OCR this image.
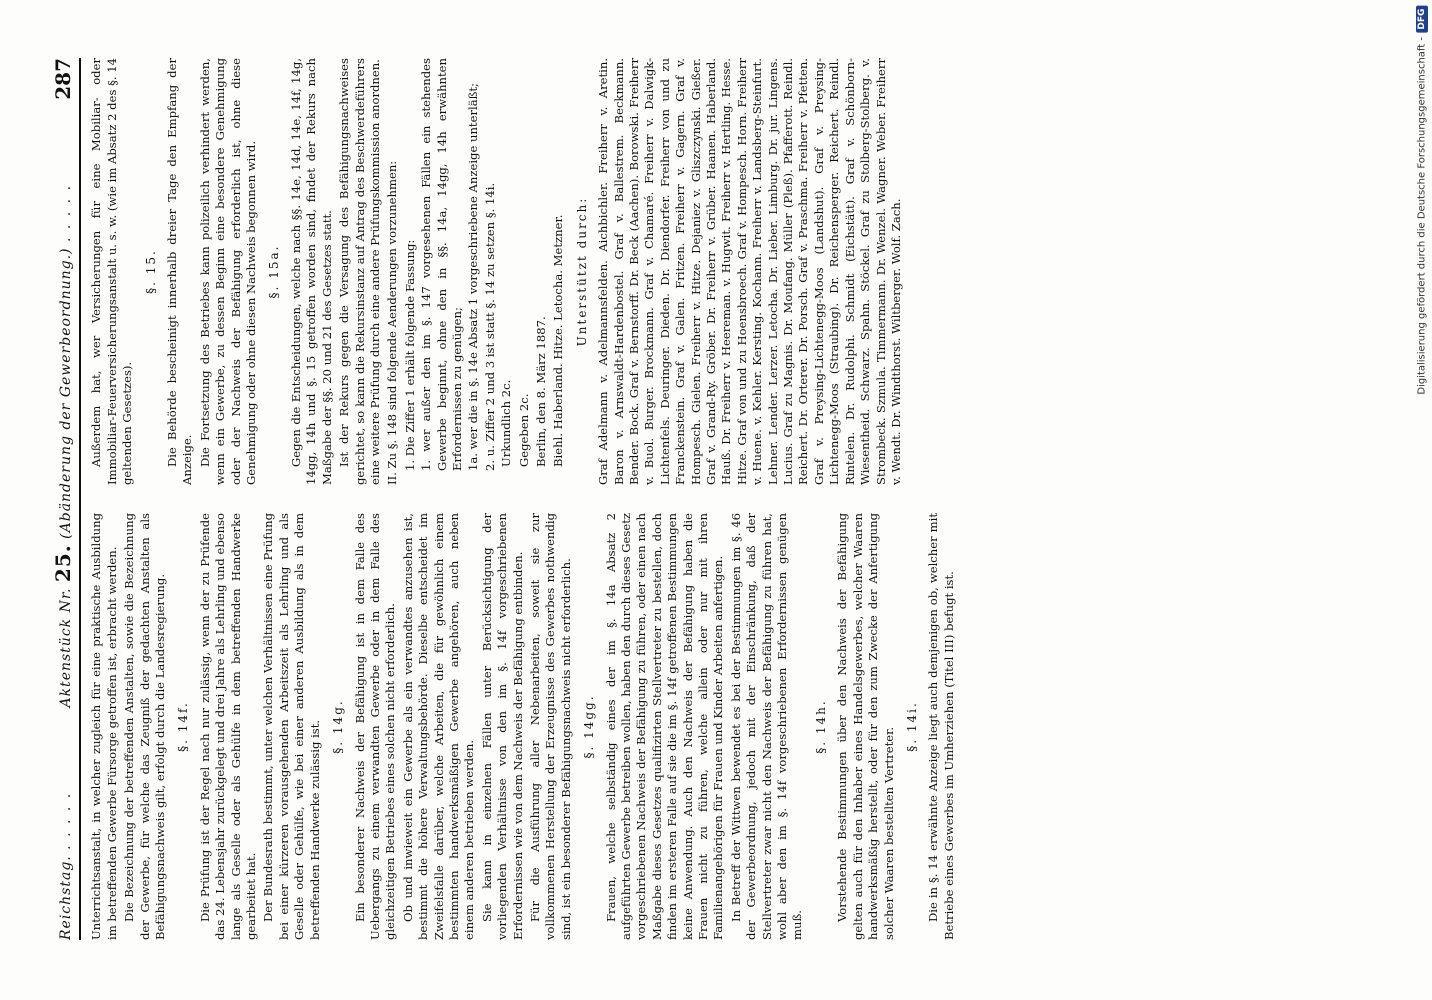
Reichstag. . . . . .
Aktenstück Nr. 25. (Abänderung der Gewerbeordnung.) . . . . .
287

Unterrichtsanstalt, in welcher zugleich für eine praktische Ausbildung im betreffenden Gewerbe Fürsorge getroffen ist, erbracht werden. Die Bezeichnung der betreffenden Anstalten, sowie die Bezeichnung der Gewerbe, für welche das Zeugniß der gedachten Anstalten als Befähigungsnachweis gilt, erfolgt durch die Landesregierung. §. 14f. Die Prüfung ist der Regel nach nur zulässig, wenn der zu Prüfende das 24. Lebensjahr zurückgelegt und drei Jahre als Lehrling und ebenso lange als Geselle oder als Gehülfe in dem betreffenden Handwerke gearbeitet hat. Der Bundesrath bestimmt, unter welchen Verhältnissen eine Prüfung bei einer kürzeren vorausgehenden Arbeitszeit als Lehrling und als Geselle oder Gehülfe, wie bei einer anderen Ausbildung als in dem betreffenden Handwerke zulässig ist. §. 14g. Ein besonderer Nachweis der Befähigung ist in dem Falle des Uebergangs zu einem verwandten Gewerbe oder in dem Falle des gleichzeitigen Betriebes eines solchen nicht erforderlich. Ob und inwieweit ein Gewerbe als ein verwandtes anzusehen ist, bestimmt die höhere Verwaltungsbehörde. Dieselbe entscheidet im Zweifelsfalle darüber, welche Arbeiten, die für gewöhnlich einem bestimmten handwerksmäßigen Gewerbe angehören, auch neben einem anderen betrieben werden. Sie kann in einzelnen Fällen unter Berücksichtigung der vorliegenden Verhältnisse von den im §. 14f vorgeschriebenen Erfordernissen wie von dem Nachweis der Befähigung entbinden. Für die Ausführung aller Nebenarbeiten, soweit sie zur vollkommenen Herstellung der Erzeugnisse des Gewerbes nothwendig sind, ist ein besonderer Befähigungsnachweis nicht erforderlich. §. 14gg. Frauen, welche selbständig eines der im §. 14a Absatz 2 aufgeführten Gewerbe betreiben wollen, haben den durch dieses Gesetz vorgeschriebenen Nachweis der Befähigung zu führen, oder einen nach Maßgabe dieses Gesetzes qualifizirten Stellvertreter zu bestellen, doch finden im ersteren Falle auf sie die im §. 14f getroffenen Bestimmungen keine Anwendung. Auch den Nachweis der Befähigung haben die Frauen nicht zu führen, welche allein oder nur mit ihren Familienangehörigen für Frauen und Kinder Arbeiten anfertigen. In Betreff der Wittwen bewendet es bei der Bestimmungen im §. 46 der Gewerbeordnung, jedoch mit der Einschränkung, daß der Stellvertreter zwar nicht den Nachweis der Befähigung zu führen hat, wohl aber den im §. 14f vorgeschriebenen Erfordernissen genügen muß.

§. 14h. Vorstehende Bestimmungen über den Nachweis der Befähigung gelten auch für den Inhaber eines Handelsgewerbes, welcher Waaren handwerksmäßig herstellt, oder für den zum Zwecke der Anfertigung solcher Waaren bestellten Vertreter.

§. 14i. Die in §. 14 erwähnte Anzeige liegt auch demjenigen ob, welcher mit Betriebe eines Gewerbes im Umherziehen (Titel III) befugt ist.

Außerdem hat, wer Versicherungen für eine Mobiliar- oder Immobiliar-Feuerversicherungsanstalt u. s. w. (wie im Absatz 2 des §. 14 geltenden Gesetzes).

§. 15. Die Behörde bescheinigt innerhalb dreier Tage den Empfang der Anzeige. Die Fortsetzung des Betriebes kann polizeilich verhindert werden, wenn ein Gewerbe, zu dessen Beginn eine besondere Genehmigung oder der Nachweis der Befähigung erforderlich ist, ohne diese Genehmigung oder ohne diesen Nachweis begonnen wird. §. 15a. Gegen die Entscheidungen, welche nach §§. 14e, 14d, 14e, 14f, 14g, 14gg, 14h und §. 15 getroffen worden sind, findet der Rekurs nach Maßgabe der §§. 20 und 21 des Gesetzes statt. Ist der Rekurs gegen die Versagung des Befähigungsnachweises gerichtet, so kann die Rekursinstanz auf Antrag des Beschwerdeführers eine weitere Prüfung durch eine andere Prüfungskommission anordnen. II. Zu §. 148 sind folgende Aenderungen vorzunehmen: 1. Die Ziffer 1 erhält folgende Fassung: 1. wer außer den im §. 147 vorgesehenen Fällen ein stehendes Gewerbe beginnt, ohne den in §§. 14a, 14gg, 14h erwähnten Erfordernissen zu genügen; 1a. wer die in §. 14e Absatz 1 vorgeschriebene Anzeige unterläßt; 2. u. Ziffer 2 und 3 ist statt §. 14 zu setzen §. 14i. Urkundlich 2c. Gegeben 2c. Berlin, den 8. März 1887. Biehl. Haberland. Hitze. Letocha. Metzner. Unterstützt durch: Graf Adelmann v. Adelmannsfelden. Aichbichler. Freiherr v. Aretin. Baron v. Arnswaldt-Hardenbostel. Graf v. Ballestrem. Beckmann. Bender. Bock. Graf v. Bernstorff. Dr. Beck (Aachen). Borowski. Freiherr v. Buol. Burger. Brockmann. Graf v. Chamaré. Freiherr v. Dalwigk-Lichtenfels. Deuringer. Dieden. Dr. Diendorfer. Freiherr von und zu Franckenstein. Graf v. Galen. Fritzen. Freiherr v. Gagern. Graf v. Hompesch. Gielen. Freiherr v. Hitze. Dejaniez v. Gliszczynski. Gießer. Graf v. Grand-Ry. Gröber. Dr. Freiherr v. Grüber. Haanen. Haberland. Hauß. Dr. Freiherr v. Heereman. v. Hugwit. Freiherr v. Hertling. Hesse. Hitze. Graf von und zu Hoensbroech. Graf v. Hompesch. Horn. Freiherr v. Huene. v. Kehler. Kersting. Kochann. Freiherr v. Landsberg-Steinfurt. Lehner. Lender. Lerzer. Letocha. Dr. Lieber. Limburg. Dr. jur. Lingens. Lucius. Graf zu Magnis. Dr. Moufang. Müller (Pleß). Pfafferott. Reindl. Reichert. Dr. Orterer. Dr. Porsch. Graf v. Praschma. Freiherr v. Pfetten. Graf v. Preysing-Lichtenegg-Moos (Landshut). Graf v. Preysing-Lichtenegg-Moos (Straubing). Dr. Reichensperger. Reichert. Reindl. Rintelen. Dr. Rudolphi. Schmidt (Eichstätt). Graf v. Schönborn-Wiesentheid. Schwarz. Spahn. Stöckel. Graf zu Stolberg-Stolberg. v. Strombeck. Szmula. Timmermann. Dr. Wenzel. Wagner. Weber. Freiherr v. Wendt. Dr. Windthorst. Wiltberger. Wolf. Zach.	Digitalisierung gefördert durch die Deutsche Forschungsgemeinschaft -
DFG
